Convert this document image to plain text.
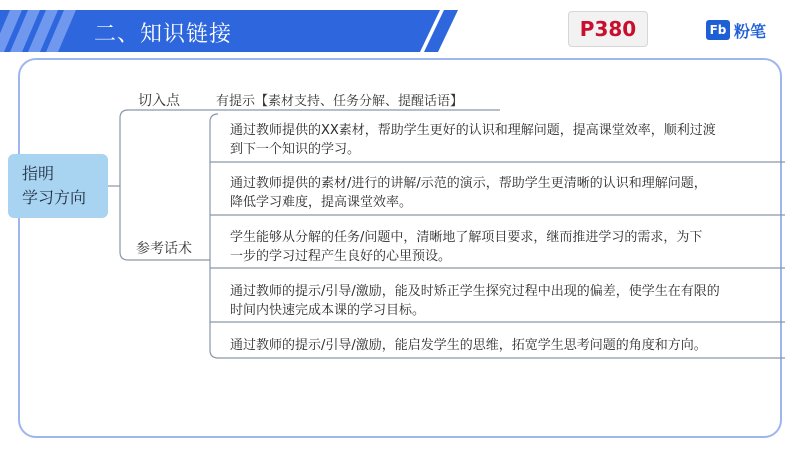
二、知识链接	P380	Fb 粉笔
指明
学习方向
切入点	有提示【素材支持、任务分解、提醒话语】
参考话术
通过教师提供的XX素材，帮助学生更好的认识和理解问题，提高课堂效率，顺利过渡
到下一个知识的学习。
通过教师提供的素材/进行的讲解/示范的演示，帮助学生更清晰的认识和理解问题，
降低学习难度，提高课堂效率。
学生能够从分解的任务/问题中，清晰地了解项目要求，继而推进学习的需求，为下
一步的学习过程产生良好的心里预设。
通过教师的提示/引导/激励，能及时矫正学生探究过程中出现的偏差，使学生在有限的
时间内快速完成本课的学习目标。
通过教师的提示/引导/激励，能启发学生的思维，拓宽学生思考问题的角度和方向。
